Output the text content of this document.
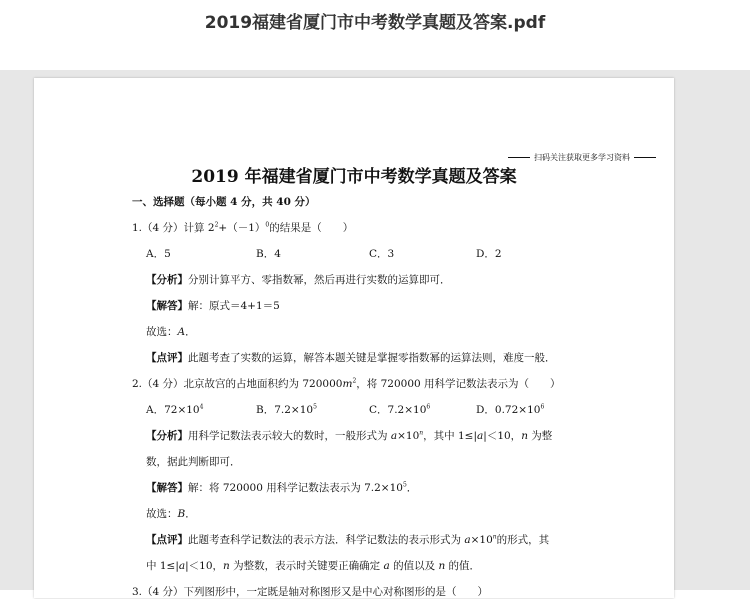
2019福建省厦门市中考数学真题及答案.pdf
扫码关注获取更多学习资料
2019 年福建省厦门市中考数学真题及答案
一、选择题（每小题 4 分，共 40 分）
1.（4 分）计算 $2^2+(-1)^0$的结果是（　　）
A．5	B．4	C．3	D．2
【分析】分别计算平方、零指数幂，然后再进行实数的运算即可．
【解答】解：原式＝4+1＝5
故选：A．
【点评】此题考查了实数的运算，解答本题关键是掌握零指数幂的运算法则，难度一般．
2.（4 分）北京故宫的占地面积约为 $720000m^2$，将 720000 用科学记数法表示为（　　）
A．$72\times 10^4$	B．$7.2\times 10^5$	C．$7.2\times 10^6$	D．$0.72\times 10^6$
【分析】用科学记数法表示较大的数时，一般形式为 $a\times 10^n$，其中 1≤|a|＜10，n 为整
数，据此判断即可．
【解答】解：将 720000 用科学记数法表示为 $7.2\times 10^5$．
故选：B．
【点评】此题考查科学记数法的表示方法．科学记数法的表示形式为 $a\times 10^n$的形式，其
中 1≤|a|＜10，n 为整数，表示时关键要正确确定 a 的值以及 n 的值．
3.（4 分）下列图形中，一定既是轴对称图形又是中心对称图形的是（　　）
